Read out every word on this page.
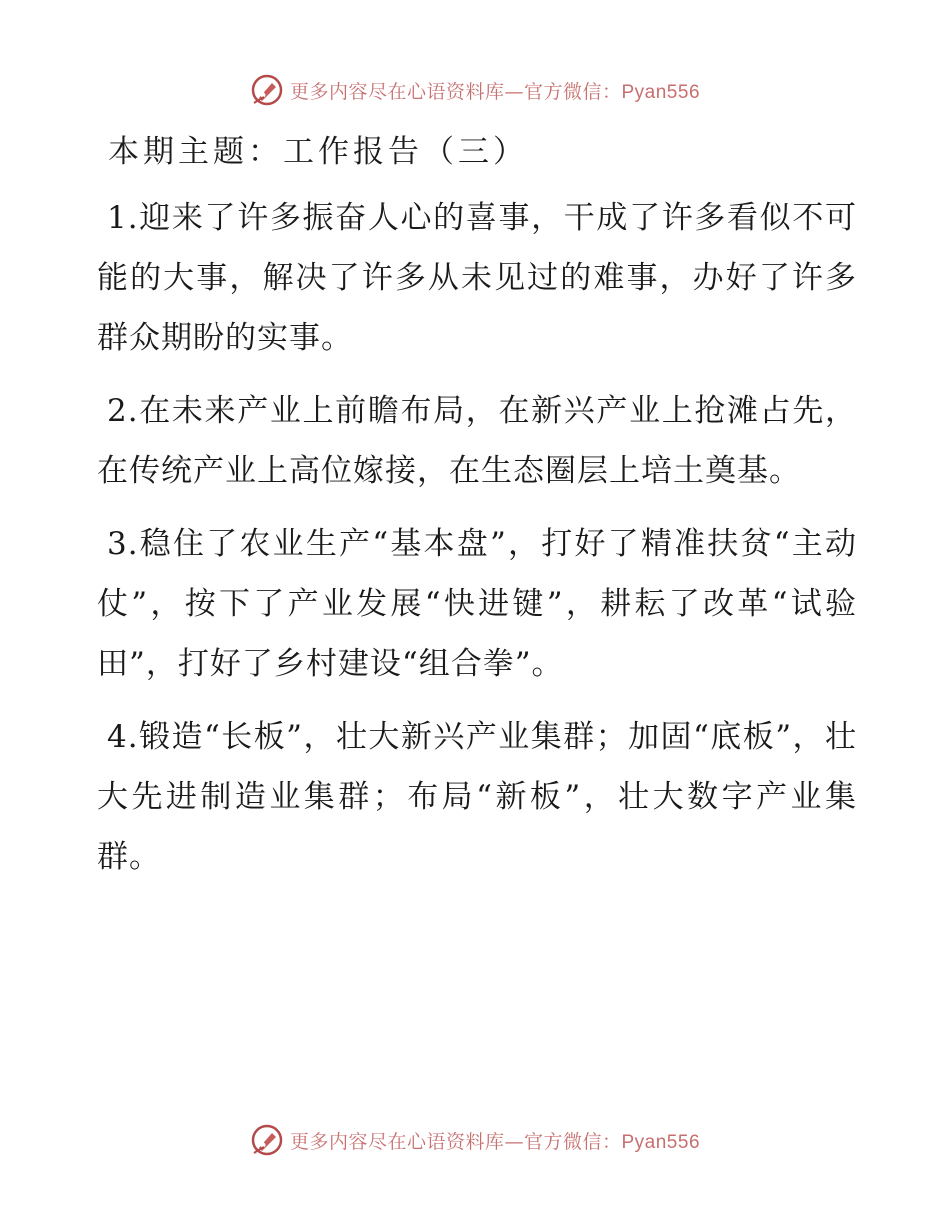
更多内容尽在心语资料库—官方微信：Pyan556
本期主题：工作报告（三）

1.迎来了许多振奋人心的喜事，干成了许多看似不可能的大事，解决了许多从未见过的难事，办好了许多群众期盼的实事。

2.在未来产业上前瞻布局，在新兴产业上抢滩占先，在传统产业上高位嫁接，在生态圈层上培土奠基。

3.稳住了农业生产“基本盘”，打好了精准扶贫“主动仗”，按下了产业发展“快进键”，耕耘了改革“试验田”，打好了乡村建设“组合拳”。

4.锻造“长板”，壮大新兴产业集群；加固“底板”，壮大先进制造业集群；布局“新板”，壮大数字产业集群。

更多内容尽在心语资料库—官方微信：Pyan556
